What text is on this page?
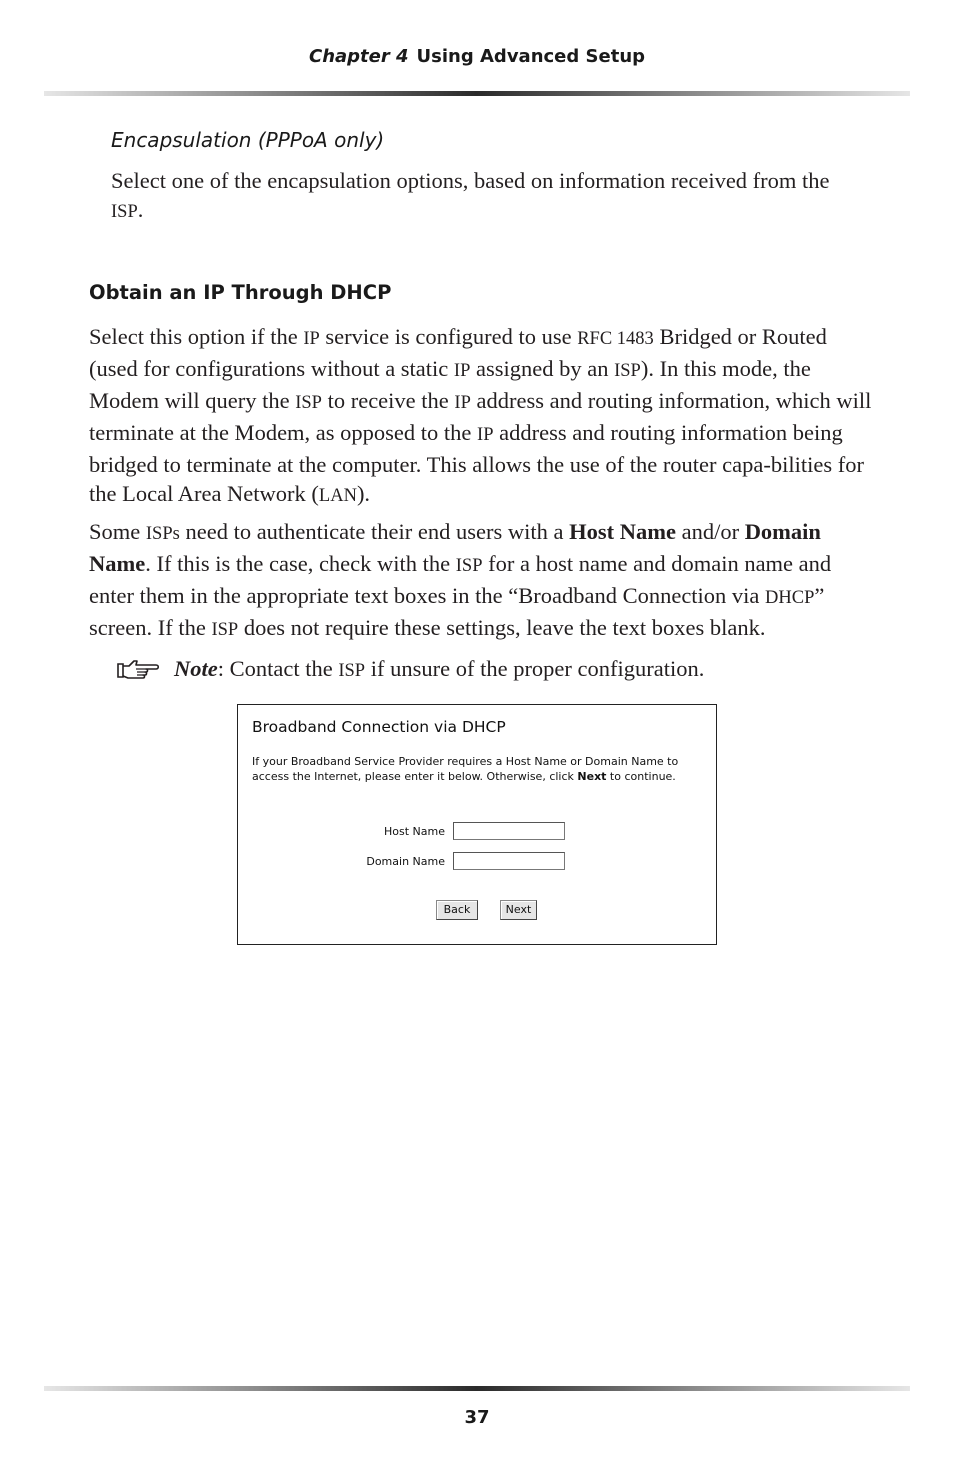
Chapter 4 Using Advanced Setup
Encapsulation (PPPoA only)
Select one of the encapsulation options, based on information received from the ISP.
Obtain an IP Through DHCP
Select this option if the IP service is configured to use RFC 1483 Bridged or Routed (used for configurations without a static IP assigned by an ISP). In this mode, the Modem will query the ISP to receive the IP address and routing information, which will terminate at the Modem, as opposed to the IP address and routing information being bridged to terminate at the computer. This allows the use of the router capa-bilities for the Local Area Network (LAN).
Some ISPs need to authenticate their end users with a Host Name and/or Domain Name. If this is the case, check with the ISP for a host name and domain name and enter them in the appropriate text boxes in the “Broadband Connection via DHCP” screen. If the ISP does not require these settings, leave the text boxes blank.
Note: Contact the ISP if unsure of the proper configuration.
Broadband Connection via DHCP
If your Broadband Service Provider requires a Host Name or Domain Name to access the Internet, please enter it below. Otherwise, click Next to continue.
Host Name
Domain Name
Back	Next
37
